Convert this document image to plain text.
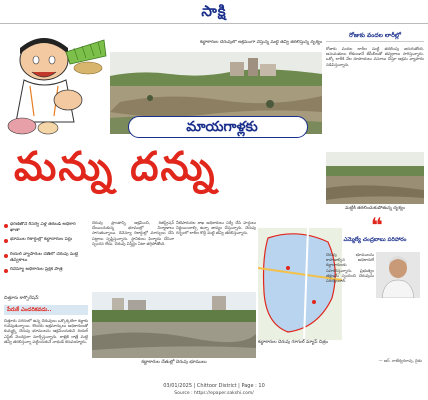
సాక్షి
కబ్జాకారుల చెరువులో అక్రమంగా వేస్తున్న మట్టి తవ్వి తరలిస్తున్న దృశ్యం
మాయగాళ్లకు
మన్ను దన్ను
ధరణితోనే రీసర్వే ఏళ్ల తరబడి అధికార ఖాతా
భూముల రికార్డుల్లో కబ్జాదారుల పేర్లు
రియల్ వ్యాపారుల చేతిలో చెరువు మట్టి తవ్వకాలు
రెవెన్యూ అధికారుల ప్రేక్షక పాత్ర
చిత్తూరు కార్పొరేషన్:
పేరుకే ఎందరికవదు..
చిత్తూరు నగరంలో ఉన్న చెరువులు ఒక్కొక్కటిగా కబ్జాకు గురవుతున్నాయి. కొందరు అక్రమార్కులు అధికారులతో కుమ్మక్కై చెరువు భూములను ఆక్రమించుకుని రియల్ ఎస్టేట్ వెంచర్లుగా మార్చేస్తున్నారు. రాత్రికి రాత్రే మట్టి తవ్వి తరలిస్తున్నా పట్టించుకునే నాథుడే కరువయ్యారు.
చెరువు ప్రాంతాన్ని ఆక్రమించి, రిజిస్ట్రేషన్ చేయించుకున్న భూముల్లో నిర్మాణాలు సాగుతున్నాయి. రెవెన్యూ రికార్డుల్లో మార్పులు చేసి పట్టాలు సృష్టిస్తున్నారు. స్థానికులు ఫిర్యాదు చేసినా స్పందన లేదు. చెరువు విస్తీర్ణం ఏటా తగ్గిపోతోంది.
నీటిపారుదల శాఖ అధికారులు సర్వే చేసి హద్దులు నిర్ణయించాల్సి ఉన్నా జాప్యం చేస్తున్నారు. చెరువు గర్భంలో లారీల కొద్దీ మట్టి తవ్వి తరలిస్తున్నారు.
కబ్జాకారుల చేతుల్లో చెరువు భూములు
కబ్జాకారుల చెరువు గూగుల్ మ్యాప్ చిత్రం
రోజుకు వందల లారీల్లో
రోజుకు వందల లారీల మట్టి తరలింపు జరుగుతోంది. అనుమతులు లేకుండానే జేసీబీలతో తవ్వకాలు సాగిస్తున్నారు. ఒక్కో లారీకి వేల రూపాయలు వసూలు చేస్తూ అక్రమ వ్యాపారం నడిపిస్తున్నారు.
మట్టికి తరలించుకుపోతున్న దృశ్యం
❝
ఎమ్మెల్యే చంద్రబాబు పరిహారం
చెరువు భూములను కాపాడాల్సిన అధికారులే కబ్జాదారులకు సహకరిస్తున్నారు. ప్రభుత్వం తక్షణమే స్పందించి చెరువును పరిరక్షించాలి.
— ఆర్. రాజేశ్వరరావు, రైతు
03/01/2025 | Chittoor District | Page : 10
Source : https://epaper.sakshi.com/
